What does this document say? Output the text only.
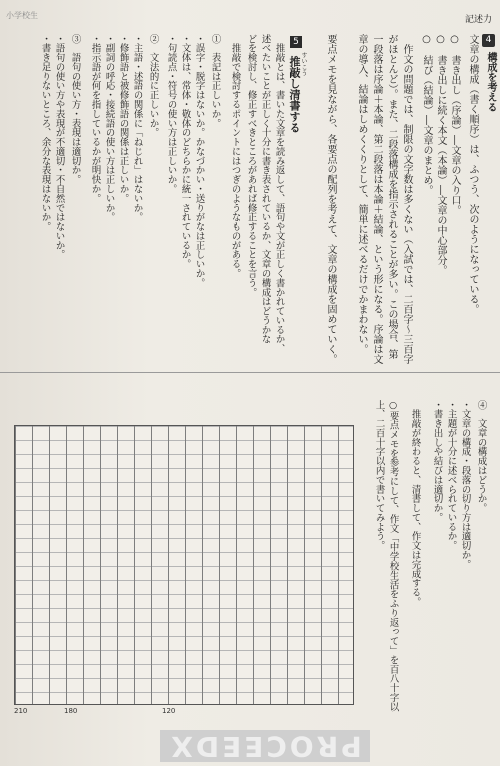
小学校生	記述力
4
構成を考える
文章の構成（書く順序）は、ふつう、次のようになっている。
○　書き出し（序論）―文章の入り口。
○　書き出しに続く本文（本論）―文章の中心部分。
○　結び（結論）―文章のまとめ。
　作文の問題では、制限の文字数は多くない（入試では、二百字～三百字
がほとんど）。また、二段落構成を指示されることが多い。この場合、第
一段落は序論＋本論、第二段落は本論＋結論、という形になる。序論は文
章の導入、結論はしめくくりとして、簡単に述べるだけでかまわない。
要点メモを見ながら、各要点の配列を考えて、文章の構成を固めていく。
5
すいこう
推敲し清書する
　推敲とは、書いた文章を読み返して、語句や文が正しく書かれているか、
述べたいことが正しく十分に書き表されているか、文章の構成はどうかな
どを検討し、修正すべきところがあれば修正することを言う。
　推敲で検討するポイントにはつぎのようなものがある。
①　表記は正しいか。
・誤字・脱字はないか。かなづかい・送りがなは正しいか。
・文体は、常体・敬体のどちらかに統一されているか。
・句読点・符号の使い方は正しいか。
②　文法的に正しいか。
・主語・述語の関係に「ねじれ」はないか。
・修飾語と被修飾語の関係は正しいか。
・副詞の呼応・接続語の使い方は正しいか。
・指示語が何を指しているかが明快か。
③　語句の使い方・表現は適切か。
・語句の使い方や表現が不適切・不自然ではないか。
・書き足りないところ、余分な表現はないか。
④　文章の構成はどうか。
・文章の構成・段落の切り方は適切か。
・主題が十分に述べられているか。
・書き出しや結びは適切か。
　推敲が終わると、清書して、作文は完成する。
○要点メモを参考にして、作文「中学校生活をふり返って」を百八十字以
上、二百十字以内で書いてみよう。
210	180	120
PROCEEDX
